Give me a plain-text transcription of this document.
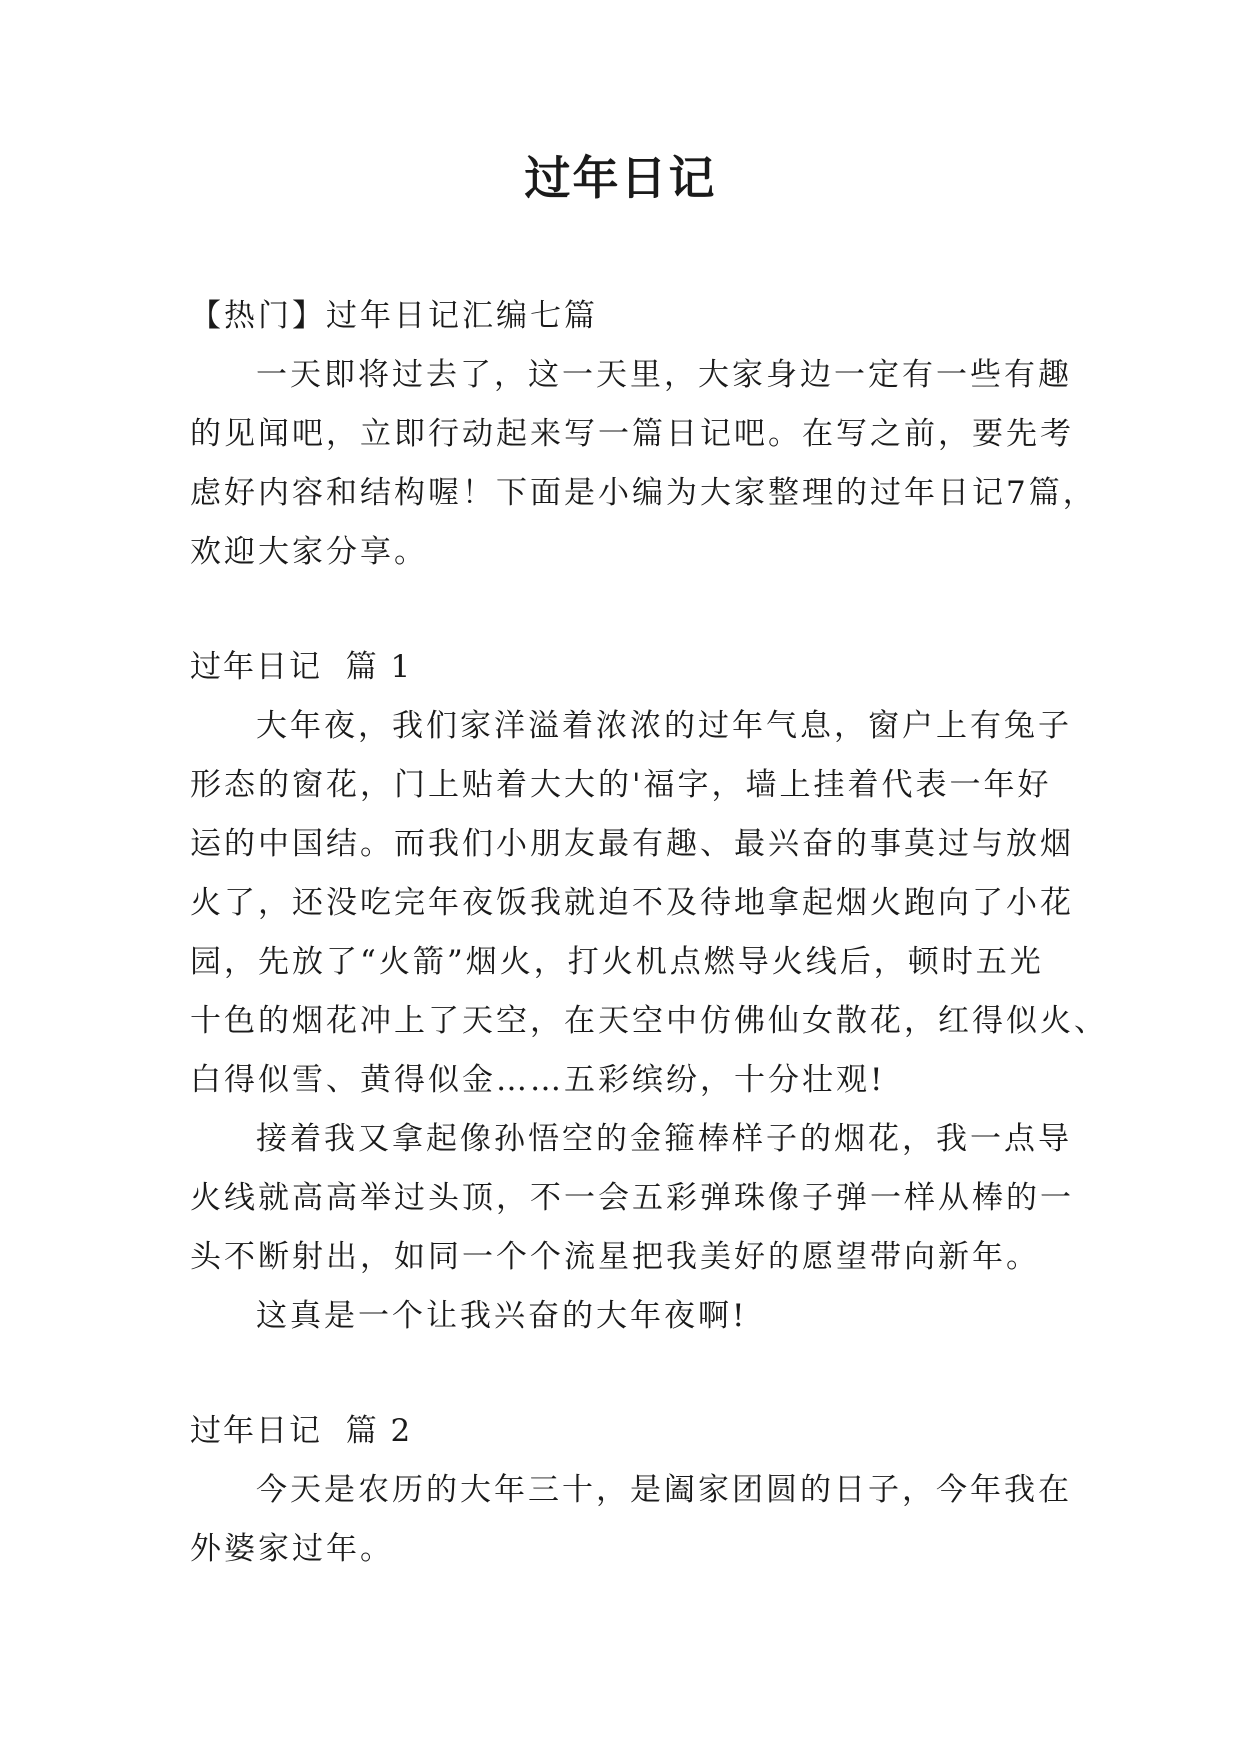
过年日记
【热门】过年日记汇编七篇
一天即将过去了，这一天里，大家身边一定有一些有趣
的见闻吧，立即行动起来写一篇日记吧。在写之前，要先考
虑好内容和结构喔！下面是小编为大家整理的过年日记7篇，
欢迎大家分享。
过年日记  篇 1
大年夜，我们家洋溢着浓浓的过年气息，窗户上有兔子
形态的窗花，门上贴着大大的'福字，墙上挂着代表一年好
运的中国结。而我们小朋友最有趣、最兴奋的事莫过与放烟
火了，还没吃完年夜饭我就迫不及待地拿起烟火跑向了小花
园，先放了“火箭”烟火，打火机点燃导火线后，顿时五光
十色的烟花冲上了天空，在天空中仿佛仙女散花，红得似火、
白得似雪、黄得似金……五彩缤纷，十分壮观!
接着我又拿起像孙悟空的金箍棒样子的烟花，我一点导
火线就高高举过头顶，不一会五彩弹珠像子弹一样从棒的一
头不断射出，如同一个个流星把我美好的愿望带向新年。
这真是一个让我兴奋的大年夜啊!
过年日记  篇 2
今天是农历的大年三十，是阖家团圆的日子，今年我在
外婆家过年。
